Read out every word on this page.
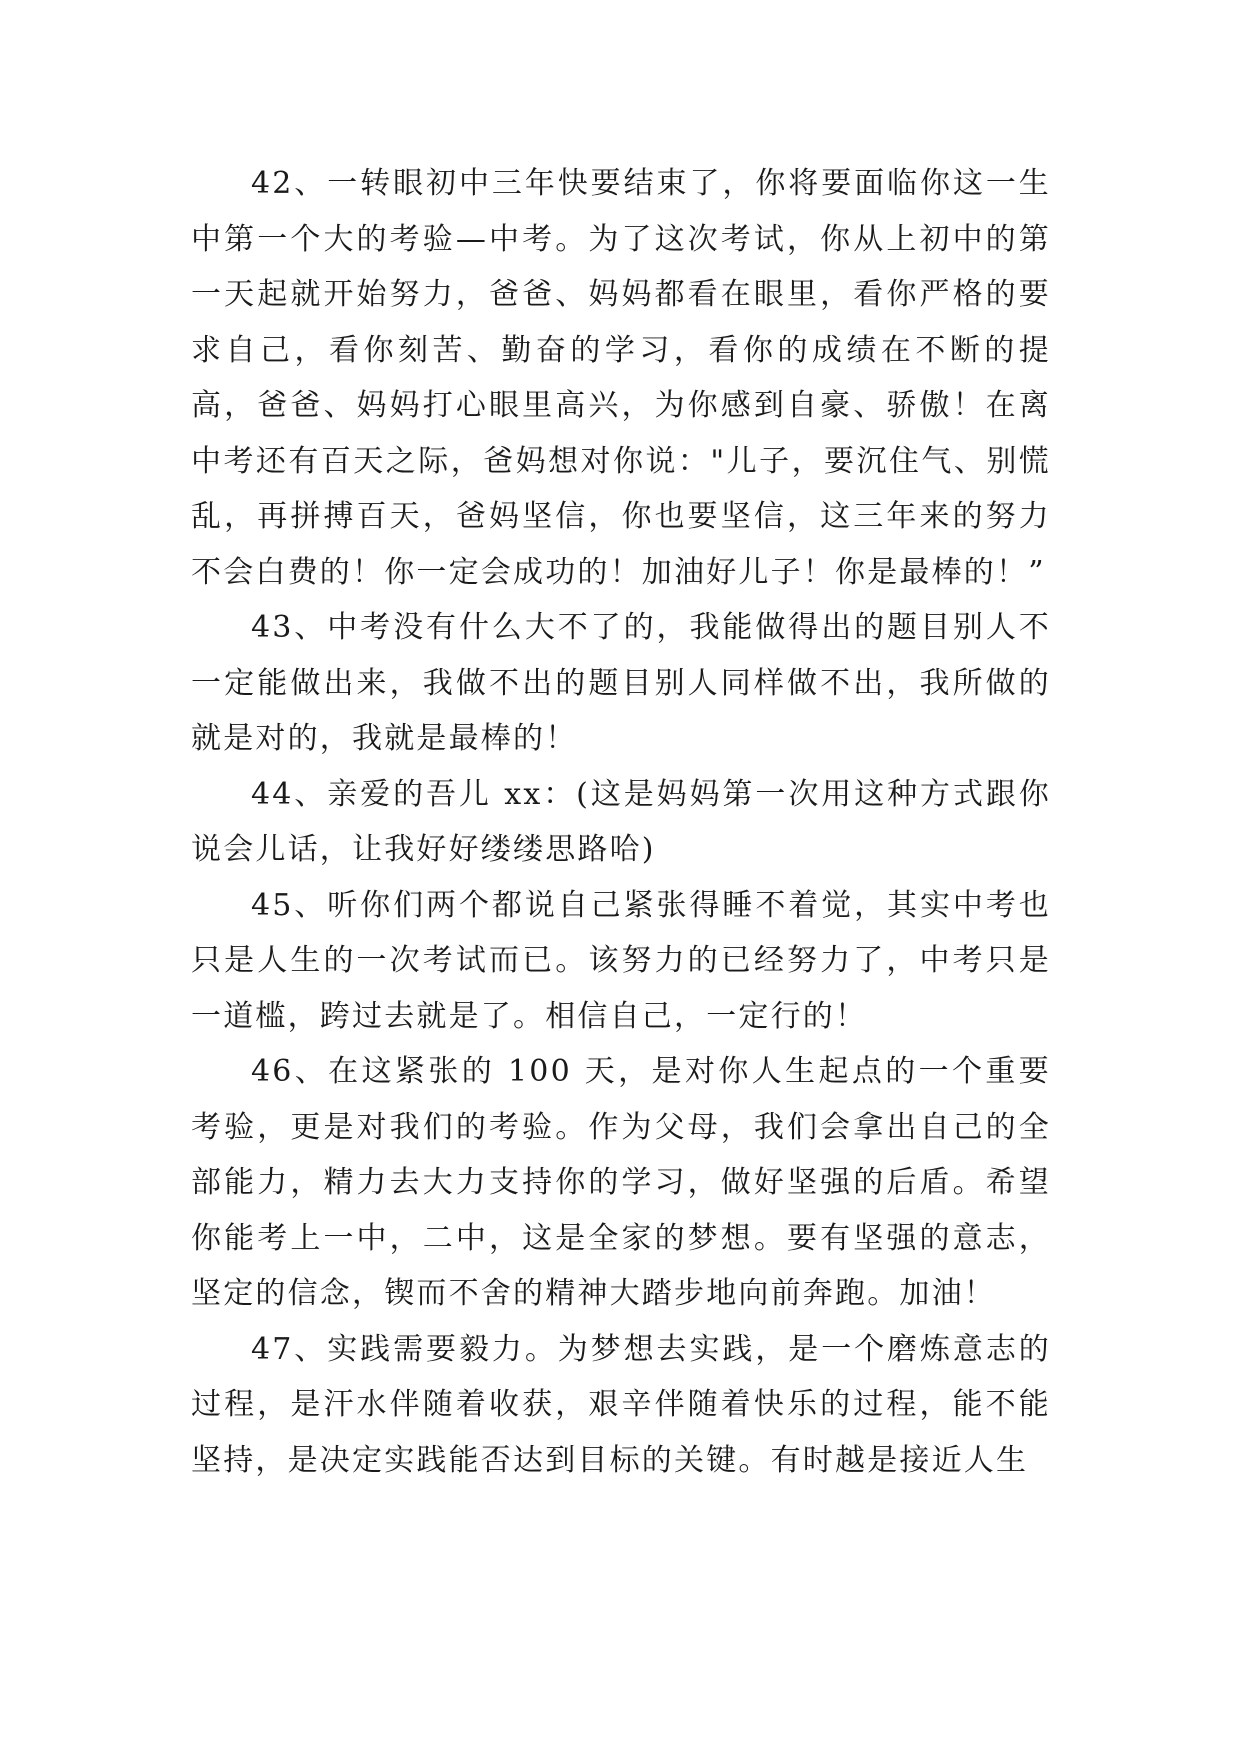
42、一转眼初中三年快要结束了，你将要面临你这一生中第一个大的考验—中考。为了这次考试，你从上初中的第一天起就开始努力，爸爸、妈妈都看在眼里，看你严格的要求自己，看你刻苦、勤奋的学习，看你的成绩在不断的提高，爸爸、妈妈打心眼里高兴，为你感到自豪、骄傲！在离中考还有百天之际，爸妈想对你说："儿子，要沉住气、别慌乱，再拼搏百天，爸妈坚信，你也要坚信，这三年来的努力不会白费的！你一定会成功的！加油好儿子！你是最棒的！”

43、中考没有什么大不了的，我能做得出的题目别人不一定能做出来，我做不出的题目别人同样做不出，我所做的就是对的，我就是最棒的！

44、亲爱的吾儿 xx：(这是妈妈第一次用这种方式跟你说会儿话，让我好好缕缕思路哈)

45、听你们两个都说自己紧张得睡不着觉，其实中考也只是人生的一次考试而已。该努力的已经努力了，中考只是一道槛，跨过去就是了。相信自己，一定行的！

46、在这紧张的 100 天，是对你人生起点的一个重要考验，更是对我们的考验。作为父母，我们会拿出自己的全部能力，精力去大力支持你的学习，做好坚强的后盾。希望你能考上一中，二中，这是全家的梦想。要有坚强的意志，坚定的信念，锲而不舍的精神大踏步地向前奔跑。加油！

47、实践需要毅力。为梦想去实践，是一个磨炼意志的过程，是汗水伴随着收获，艰辛伴随着快乐的过程，能不能坚持，是决定实践能否达到目标的关键。有时越是接近人生
